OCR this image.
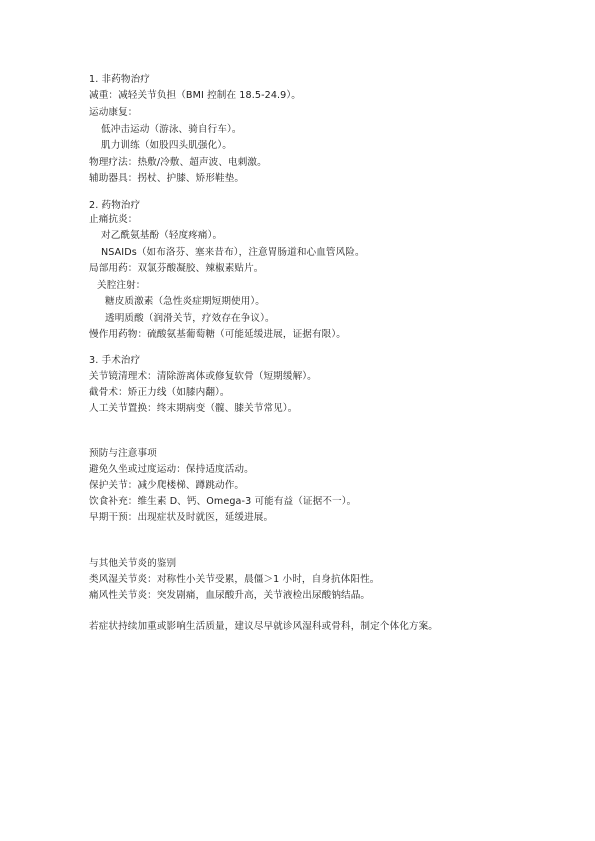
1. 非药物治疗
减重：减轻关节负担（BMI 控制在 18.5-24.9）。
运动康复：
低冲击运动（游泳、骑自行车）。
肌力训练（如股四头肌强化）。
物理疗法：热敷/冷敷、超声波、电刺激。
辅助器具：拐杖、护膝、矫形鞋垫。
2. 药物治疗
止痛抗炎：
对乙酰氨基酚（轻度疼痛）。
NSAIDs（如布洛芬、塞来昔布），注意胃肠道和心血管风险。
局部用药：双氯芬酸凝胶、辣椒素贴片。
关腔注射：
糖皮质激素（急性炎症期短期使用）。
透明质酸（润滑关节，疗效存在争议）。
慢作用药物：硫酸氨基葡萄糖（可能延缓进展，证据有限）。
3. 手术治疗
关节镜清理术：清除游离体或修复软骨（短期缓解）。
截骨术：矫正力线（如膝内翻）。
人工关节置换：终末期病变（髋、膝关节常见）。
预防与注意事项
避免久坐或过度运动：保持适度活动。
保护关节：减少爬楼梯、蹲跳动作。
饮食补充：维生素 D、钙、Omega-3 可能有益（证据不一）。
早期干预：出现症状及时就医，延缓进展。
与其他关节炎的鉴别
类风湿关节炎：对称性小关节受累，晨僵＞1 小时，自身抗体阳性。
痛风性关节炎：突发剧痛，血尿酸升高，关节液检出尿酸钠结晶。
若症状持续加重或影响生活质量，建议尽早就诊风湿科或骨科，制定个体化方案。
